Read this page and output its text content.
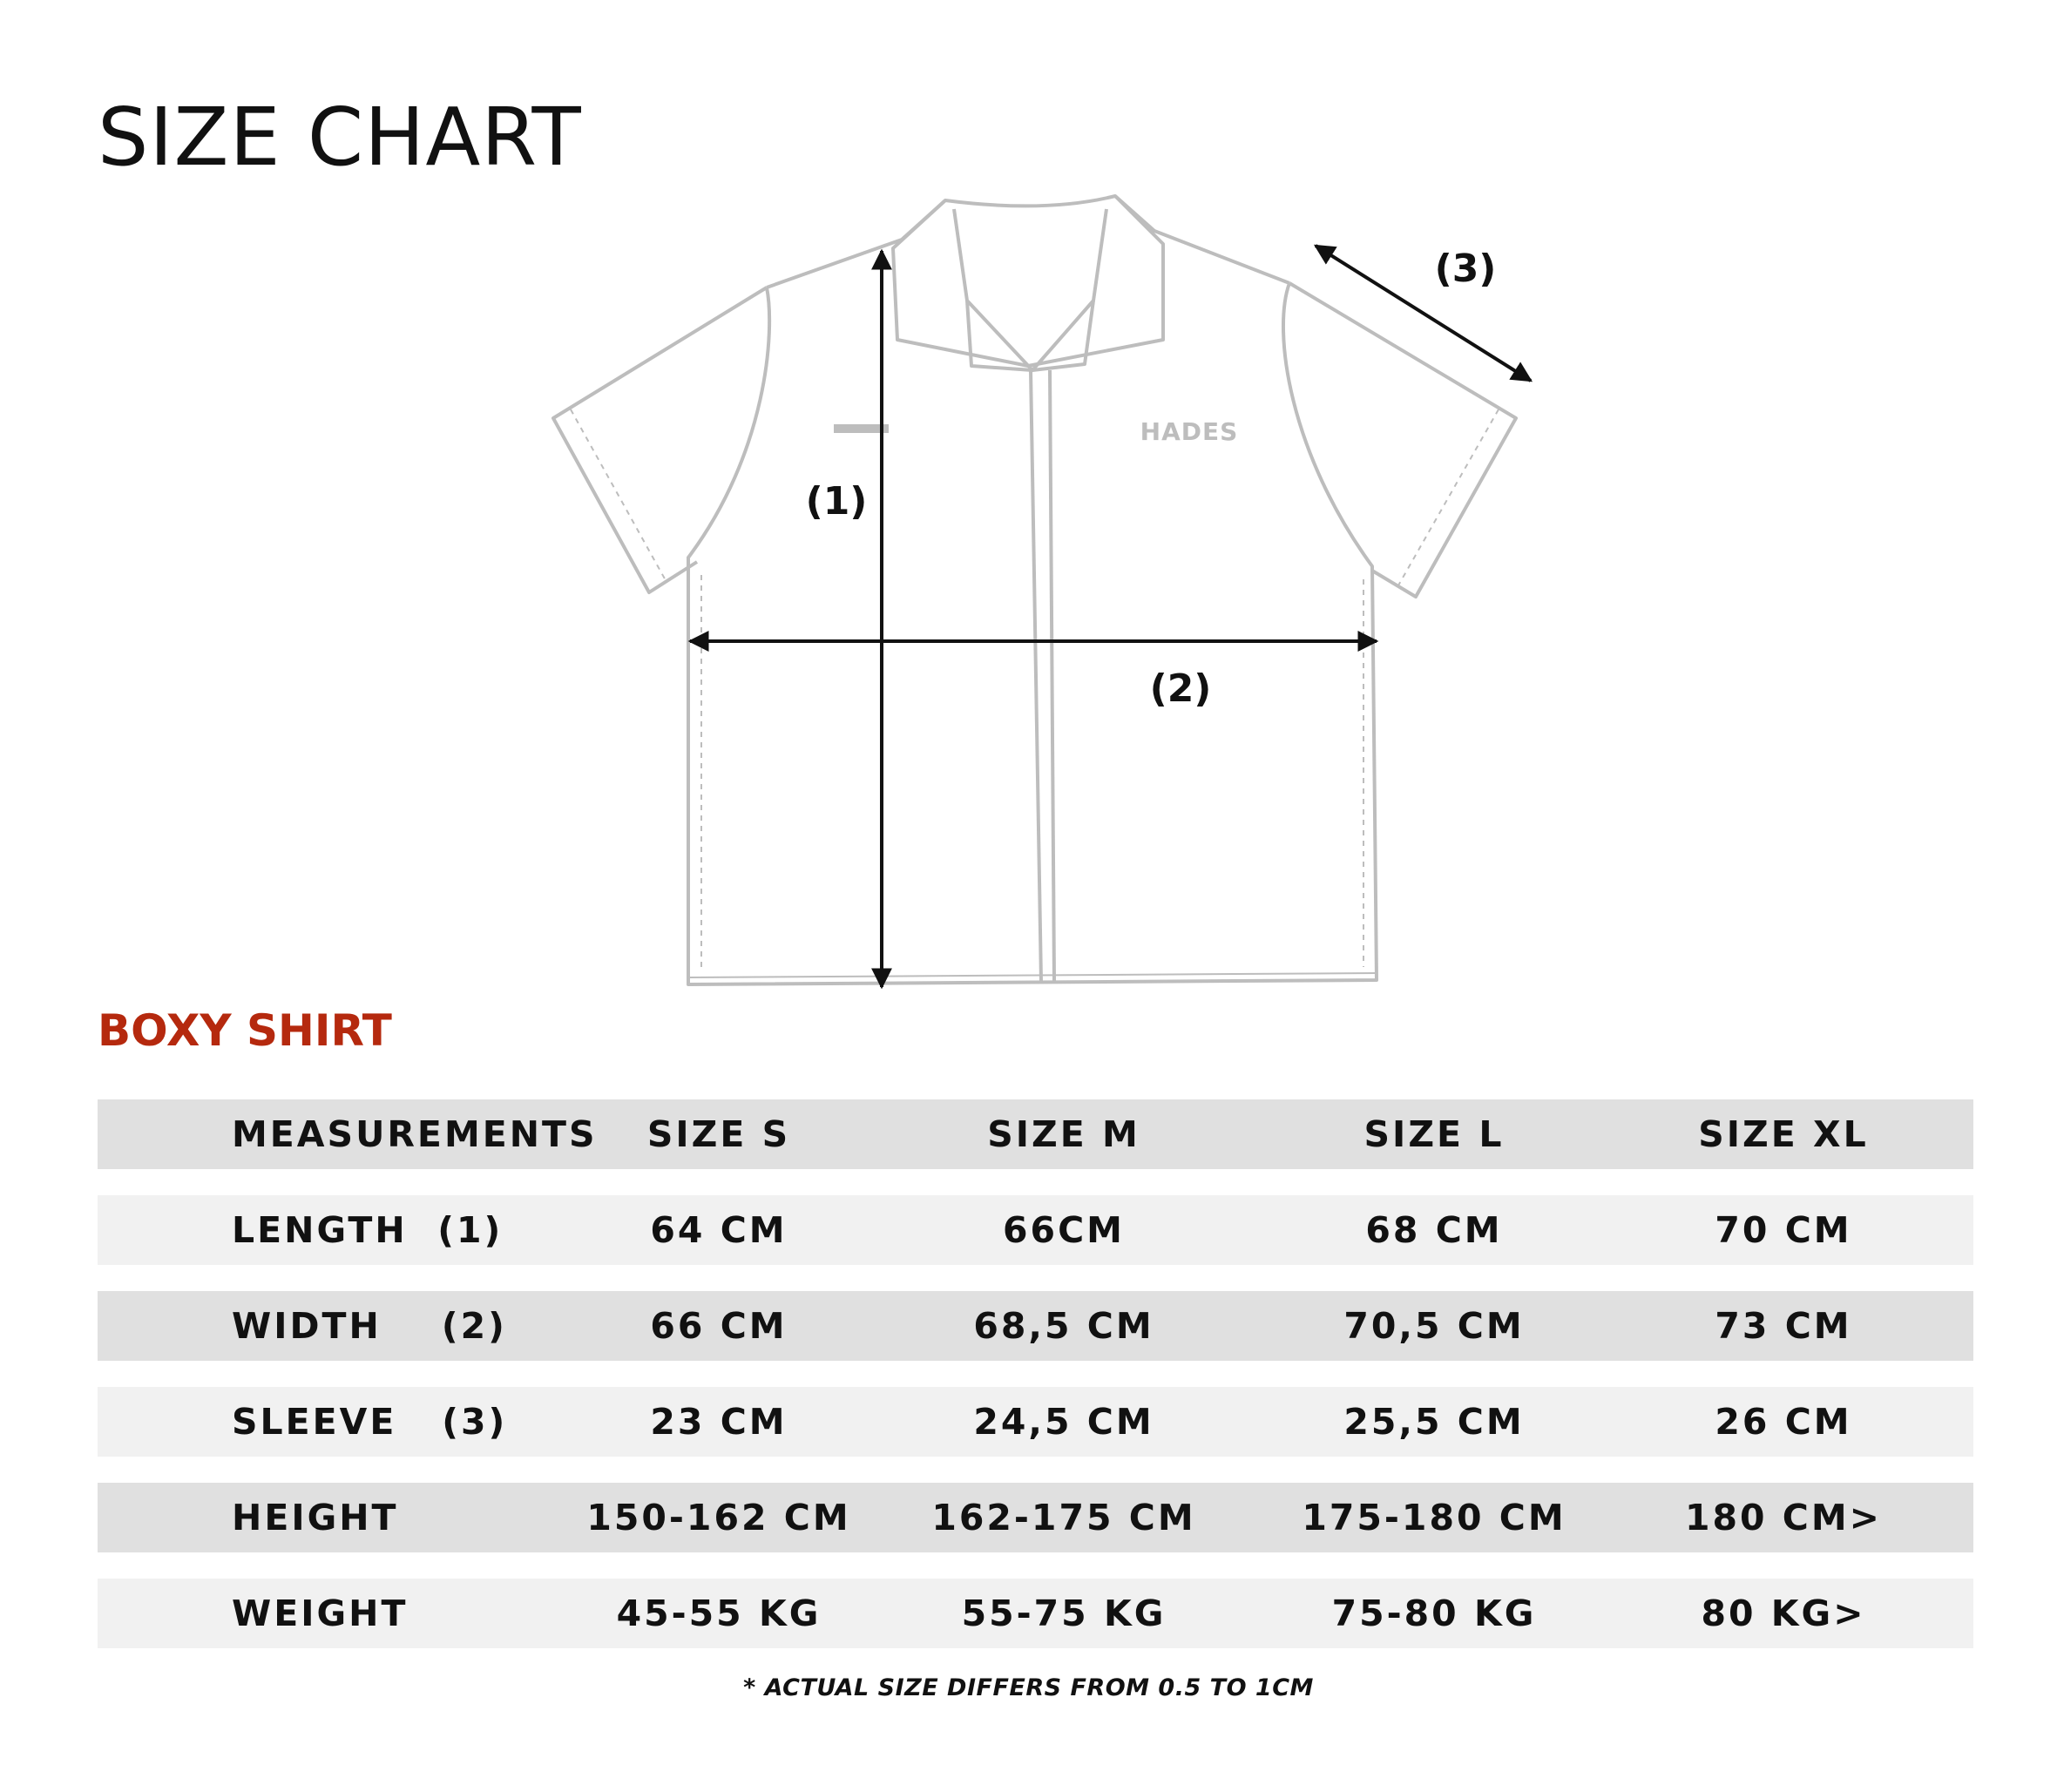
SIZE CHART
HADES
(1)
(2)
(3)
BOXY SHIRT
MEASUREMENTS	SIZE S	SIZE M	SIZE L	SIZE XL
LENGTH  (1)	64 CM	66CM	68 CM	70 CM
WIDTH    (2)	66 CM	68,5 CM	70,5 CM	73 CM
SLEEVE   (3)	23 CM	24,5 CM	25,5 CM	26 CM
HEIGHT	150-162 CM	162-175 CM	175-180 CM	180 CM>
WEIGHT	45-55 KG	55-75 KG	75-80 KG	80 KG>
* ACTUAL SIZE DIFFERS FROM 0.5 TO 1CM
